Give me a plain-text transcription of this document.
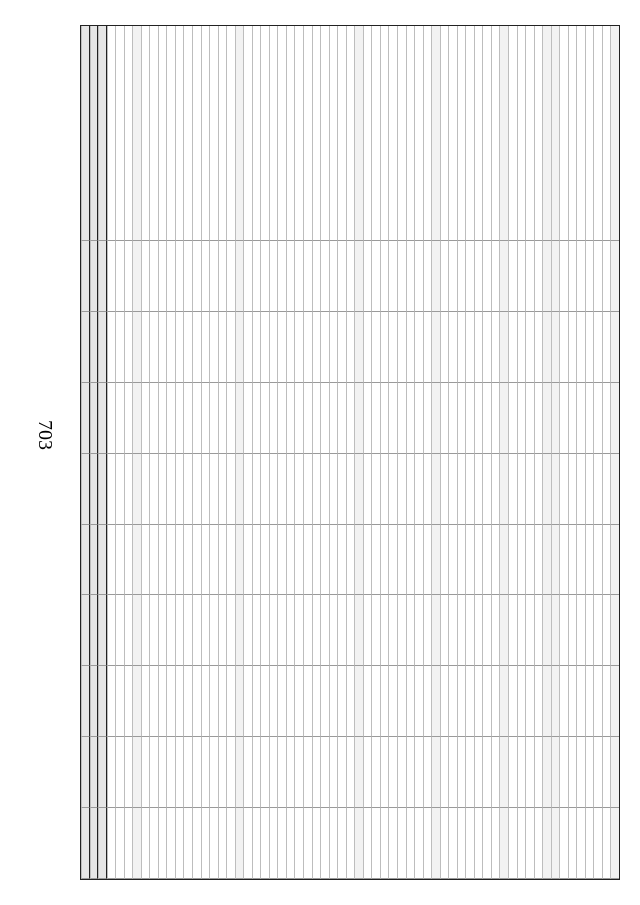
703
